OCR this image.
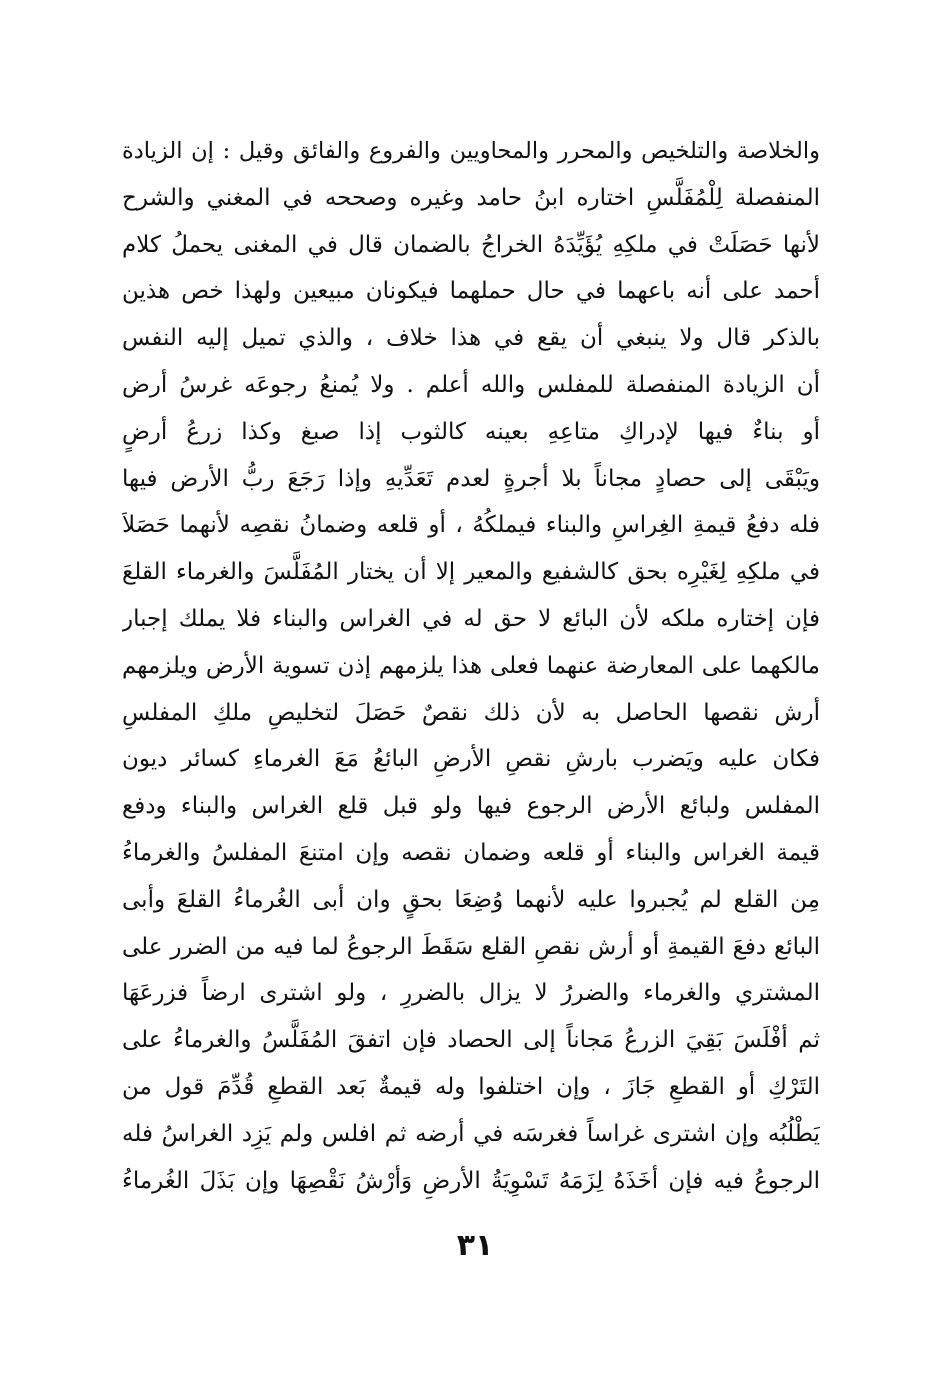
والخلاصة والتلخيص والمحرر والمحاويين والفروع والفائق وقيل : إن الزيادة
المنفصلة لِلْمُفَلَّسِ اختاره ابنُ حامد وغيره وصححه في المغني والشرح
لأنها حَصَلَتْ في ملكِهِ يُؤَيِّدَهُ الخراجُ بالضمان قال في المغنى يحملُ كلام
أحمد على أنه باعهما في حال حملهما فيكونان مبيعين ولهذا خص هذين
بالذكر قال ولا ينبغي أن يقع في هذا خلاف ، والذي تميل إليه النفس
أن الزيادة المنفصلة للمفلس والله أعلم . ولا يُمنعُ رجوعَه غرسُ أرض
أو بناءٌ فيها لإدراكِ متاعِهِ بعينه كالثوب إذا صبغ وكذا زرعُ أرضٍ
ويَبْقَى إلى حصادٍ مجاناً بلا أجرةٍ لعدم تَعَدِّيهِ وإذا رَجَعَ ربُّ الأرض فيها
فله دفعُ قيمةِ الغِراسِ والبناء فيملكُهُ ، أو قلعه وضمانُ نقصِه لأنهما حَصَلاَ
في ملكِهِ لِغَيْرِه بحق كالشفيع والمعير إلا أن يختار المُفَلَّسَ والغرماء القلعَ
فإن إختاره ملكه لأن البائع لا حق له في الغراس والبناء فلا يملك إجبار
مالكهما على المعارضة عنهما فعلى هذا يلزمهم إذن تسوية الأرض ويلزمهم
أرش نقصها الحاصل به لأن ذلك نقصٌ حَصَلَ لتخليصِ ملكِ المفلسِ
فكان عليه ويَضرب بارشِ نقصِ الأرضِ البائعُ مَعَ الغرماءِ كسائر ديون
المفلس ولبائع الأرض الرجوع فيها ولو قبل قلع الغراس والبناء ودفع
قيمة الغراس والبناء أو قلعه وضمان نقصه وإن امتنعَ المفلسُ والغرماءُ
مِن القلع لم يُجبروا عليه لأنهما وُضِعَا بحقٍ وان أبى الغُرماءُ القلعَ وأبى
البائع دفعَ القيمةِ أو أرش نقصِ القلع سَقَطَ الرجوعُ لما فيه من الضرر على
المشتري والغرماء والضررُ لا يزال بالضررِ ، ولو اشترى ارضاً فزرعَهَا
ثم أفْلَسَ بَقِيَ الزرعُ مَجاناً إلى الحصاد فإن اتفقَ المُفَلَّسُ والغرماءُ على
التَرْكِ أو القطعِ جَازَ ، وإن اختلفوا وله قيمةٌ بَعد القطعِ قُدِّمَ قول من
يَطْلُبُه وإن اشترى غراساً فغرسَه في أرضه ثم افلس ولم يَزِد الغراسُ فله
الرجوعُ فيه فإن أخَذَهُ لِزَمَهُ تَسْوِيَةُ الأرضِ وَأرْشُ نَقْصِهَا وإن بَذَلَ الغُرماءُ
٣١
